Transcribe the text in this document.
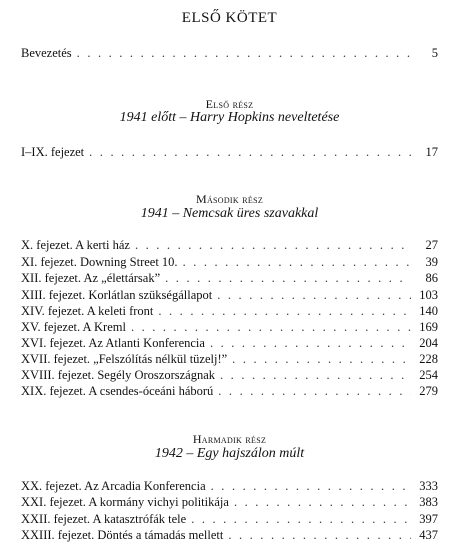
ELSŐ KÖTET
Bevezetés . . .	5
Első rész
1941 előtt – Harry Hopkins neveltetése
I–IX. fejezet . . .	17
Második rész
1941 – Nemcsak üres szavakkal
X. fejezet. A kerti ház . . .	27
XI. fejezet. Downing Street 10. . . .	39
XII. fejezet. Az „élettársak” . . .	86
XIII. fejezet. Korlátlan szükségállapot . . .	103
XIV. fejezet. A keleti front . . .	140
XV. fejezet. A Kreml . . .	169
XVI. fejezet. Az Atlanti Konferencia . . .	204
XVII. fejezet. „Felszólítás nélkül tüzelj!” . . .	228
XVIII. fejezet. Segély Oroszországnak . . .	254
XIX. fejezet. A csendes-óceáni háború . . .	279
Harmadik rész
1942 – Egy hajszálon múlt
XX. fejezet. Az Arcadia Konferencia . . .	333
XXI. fejezet. A kormány vichyi politikája . . .	383
XXII. fejezet. A katasztrófák tele . . .	397
XXIII. fejezet. Döntés a támadás mellett . . .	437
